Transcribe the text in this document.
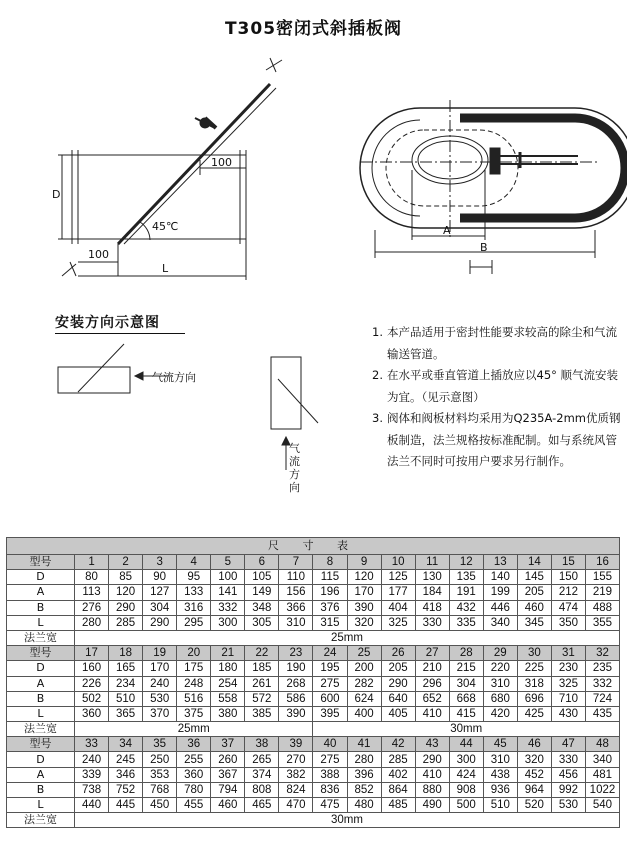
T305密闭式斜插板阀
D
100
100
L
45℃	A
B
安装方向示意图
气流方向
气流方向

1. 本产品适用于密封性能要求较高的除尘和气流输送管道。

2. 在水平或垂直管道上插放应以45° 顺气流安装为宜。（见示意图）

3. 阀体和阀板材料均采用为Q235A-2mm优质钢板制造，法兰规格按标准配制。如与系统风管法兰不同时可按用户要求另行制作。

尺 寸 表																
型号	1	2	3	4	5	6	7	8	9	10	11	12	13	14	15	16
D	80	85	90	95	100	105	110	115	120	125	130	135	140	145	150	155
A	113	120	127	133	141	149	156	196	170	177	184	191	199	205	212	219
B	276	290	304	316	332	348	366	376	390	404	418	432	446	460	474	488
L	280	285	290	295	300	305	310	315	320	325	330	335	340	345	350	355
法兰宽	25mm															
型号	17	18	19	20	21	22	23	24	25	26	27	28	29	30	31	32
D	160	165	170	175	180	185	190	195	200	205	210	215	220	225	230	235
A	226	234	240	248	254	261	268	275	282	290	296	304	310	318	325	332
B	502	510	530	516	558	572	586	600	624	640	652	668	680	696	710	724
L	360	365	370	375	380	385	390	395	400	405	410	415	420	425	430	435
法兰宽	25mm							30mm								
型号	33	34	35	36	37	38	39	40	41	42	43	44	45	46	47	48
D	240	245	250	255	260	265	270	275	280	285	290	300	310	320	330	340
A	339	346	353	360	367	374	382	388	396	402	410	424	438	452	456	481
B	738	752	768	780	794	808	824	836	852	864	880	908	936	964	992	1022
L	440	445	450	455	460	465	470	475	480	485	490	500	510	520	530	540
法兰宽	30mm															
